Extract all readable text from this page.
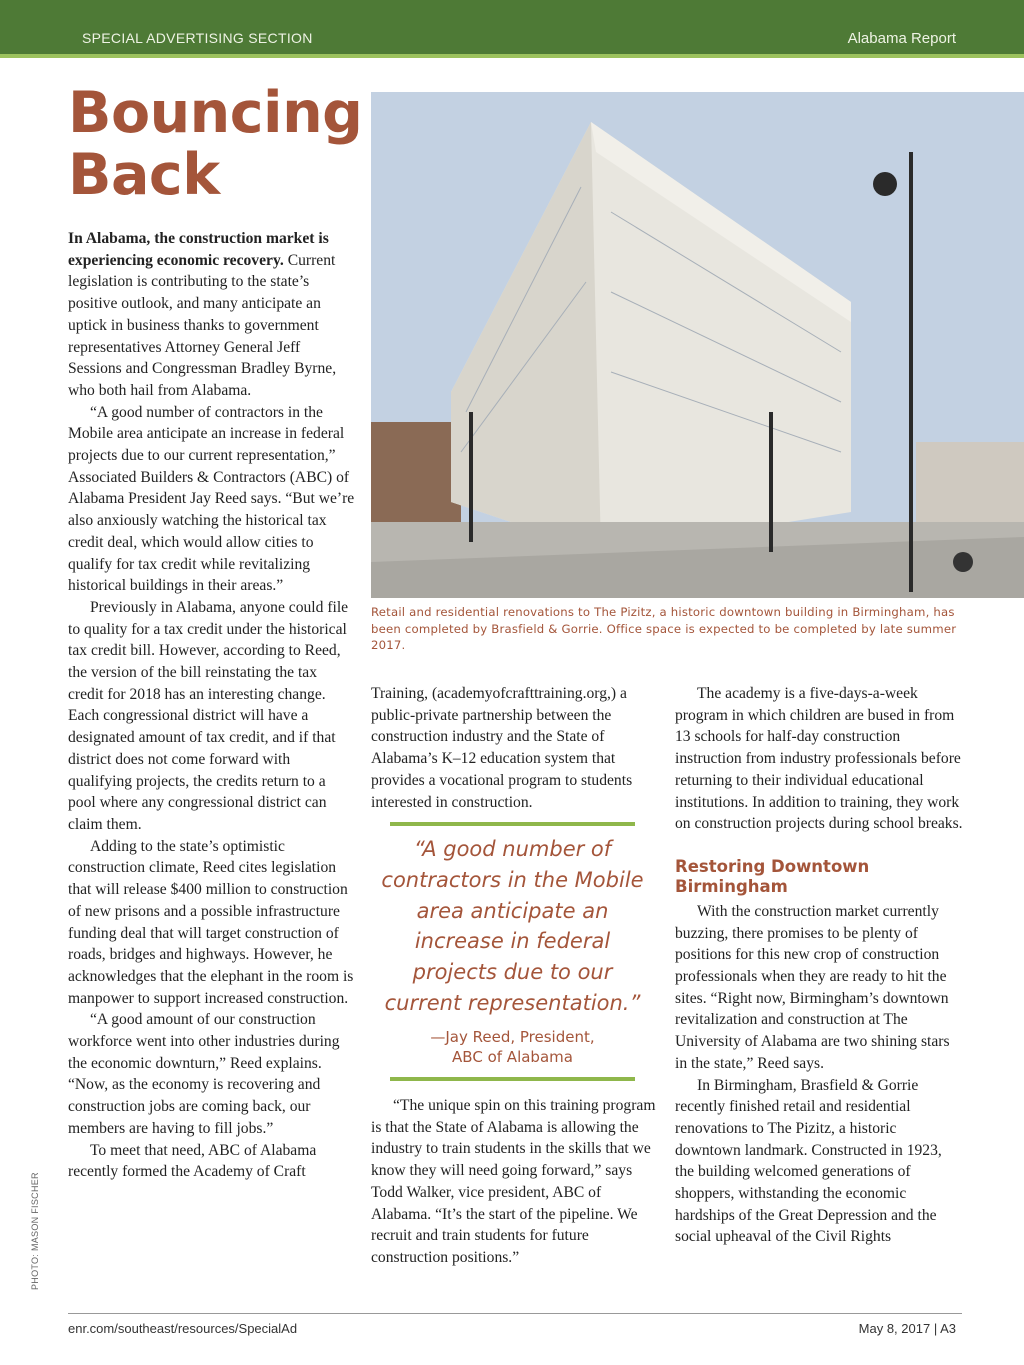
SPECIAL ADVERTISING SECTION	Alabama Report
Bouncing
Back

In Alabama, the construction market is experiencing economic recovery. Current legislation is contributing to the state’s positive outlook, and many anticipate an uptick in business thanks to government representatives Attorney General Jeff Sessions and Congressman Bradley Byrne, who both hail from Alabama.

“A good number of contractors in the Mobile area anticipate an increase in federal projects due to our current representation,” Associated Builders & Contractors (ABC) of Alabama President Jay Reed says. “But we’re also anxiously watching the historical tax credit deal, which would allow cities to qualify for tax credit while revitalizing historical buildings in their areas.”

Previously in Alabama, anyone could file to quality for a tax credit under the historical tax credit bill. However, according to Reed, the version of the bill reinstating the tax credit for 2018 has an interesting change. Each congressional district will have a designated amount of tax credit, and if that district does not come forward with qualifying projects, the credits return to a pool where any congressional district can claim them.

Adding to the state’s optimistic construction climate, Reed cites legislation that will release $400 million to construction of new prisons and a possible infrastructure funding deal that will target construction of roads, bridges and highways. However, he acknowledges that the elephant in the room is manpower to support increased construction.

“A good amount of our construction workforce went into other industries during the economic downturn,” Reed explains. “Now, as the economy is recovering and construction jobs are coming back, our members are having to fill jobs.”

To meet that need, ABC of Alabama recently formed the Academy of Craft

Retail and residential renovations to The Pizitz, a historic downtown building in Birmingham, has been completed by Brasfield & Gorrie. Office space is expected to be completed by late summer 2017.

Training, (academyofcrafttraining.org,) a public-private partnership between the construction industry and the State of Alabama’s K–12 education system that provides a vocational program to students interested in construction.

“A good number of contractors in the Mobile area anticipate an increase in federal projects due to our current representation.”

—Jay Reed, President,
ABC of Alabama

“The unique spin on this training program is that the State of Alabama is allowing the industry to train students in the skills that we know they will need going forward,” says Todd Walker, vice president, ABC of Alabama. “It’s the start of the pipeline. We recruit and train students for future construction positions.”

The academy is a five-days-a-week program in which children are bused in from 13 schools for half-day construction instruction from industry professionals before returning to their individual educational institutions. In addition to training, they work on construction projects during school breaks.

Restoring Downtown Birmingham

With the construction market currently buzzing, there promises to be plenty of positions for this new crop of construction professionals when they are ready to hit the sites. “Right now, Birmingham’s downtown revitalization and construction at The University of Alabama are two shining stars in the state,” Reed says.

In Birmingham, Brasfield & Gorrie recently finished retail and residential renovations to The Pizitz, a historic downtown landmark. Constructed in 1923, the building welcomed generations of shoppers, withstanding the economic hardships of the Great Depression and the social upheaval of the Civil Rights

PHOTO: MASON FISCHER
enr.com/southeast/resources/SpecialAd	May 8, 2017 | A3
